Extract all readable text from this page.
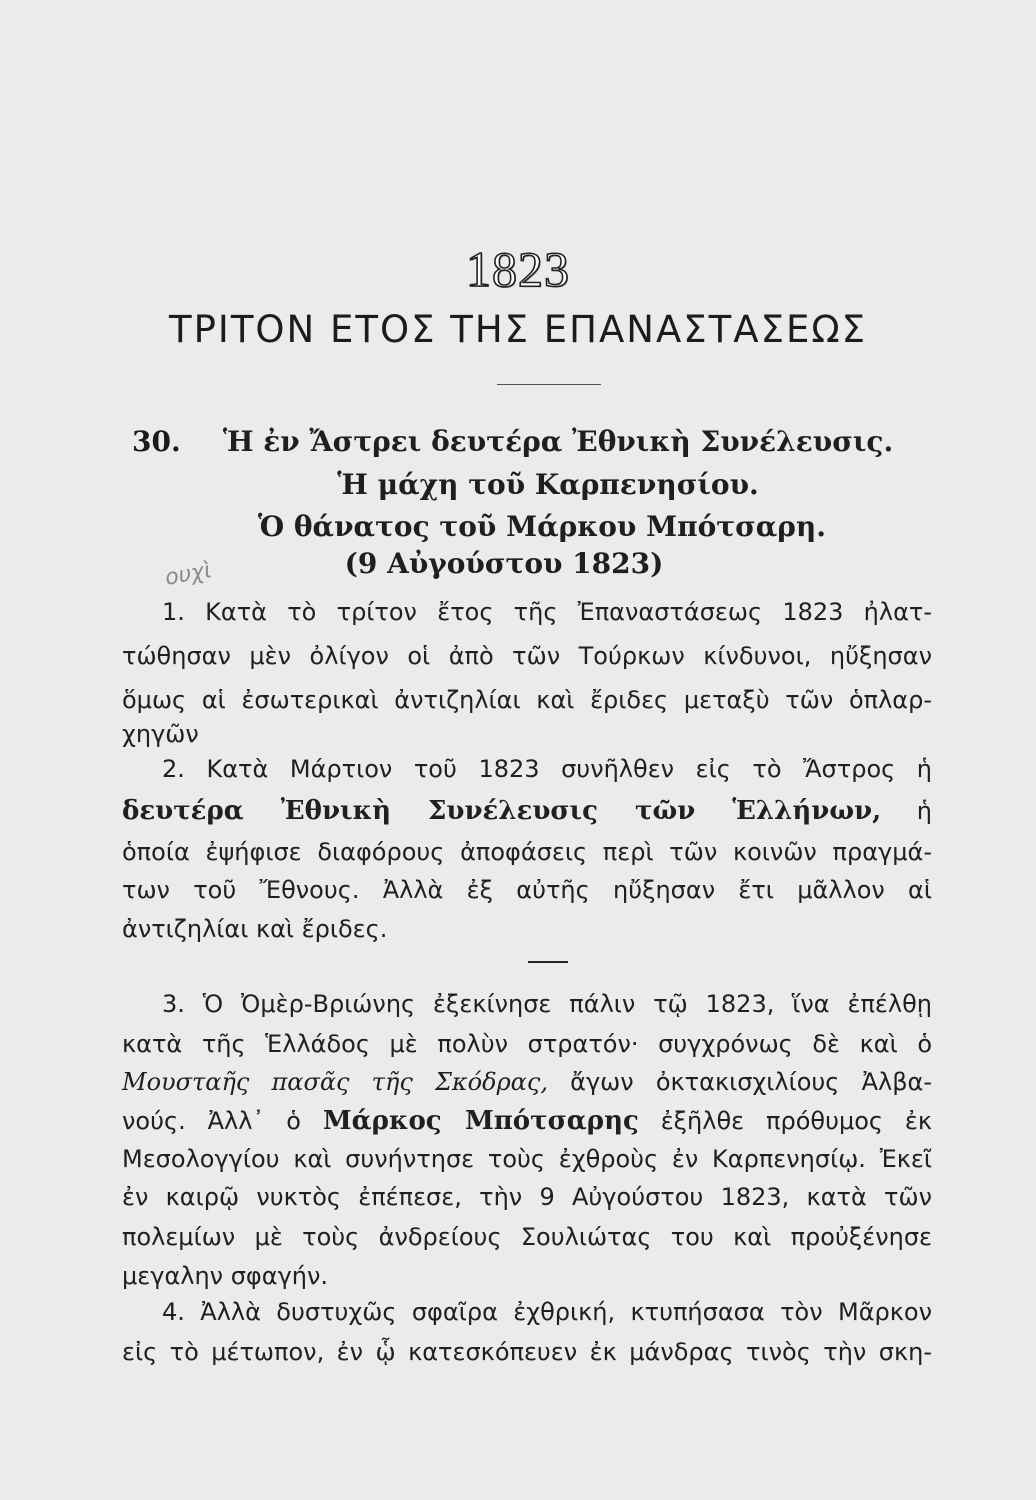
1823
ΤΡΙΤΟΝ ΕΤΟΣ ΤΗΣ ΕΠΑΝΑΣΤΑΣΕΩΣ
30.	Ἡ ἐν Ἄστρει δευτέρα Ἐθνικὴ Συνέλευσις.
Ἡ μάχη τοῦ Καρπενησίου.
Ὁ θάνατος τοῦ Μάρκου Μπότσαρη.
(9 Αὐγούστου 1823)
ουχὶ
1. Κατὰ τὸ τρίτον ἔτος τῆς Ἐπαναστάσεως 1823 ἠλατ-
τώθησαν μὲν ὀλίγον οἱ ἀπὸ τῶν Τούρκων κίνδυνοι, ηὔξησαν
ὅμως αἱ ἐσωτερικαὶ ἀντιζηλίαι καὶ ἔριδες μεταξὺ τῶν ὁπλαρ-
χηγῶν
2. Κατὰ Μάρτιον τοῦ 1823 συνῆλθεν εἰς τὸ Ἄστρος ἡ
δευτέρα Ἐθνικὴ Συνέλευσις τῶν Ἑλλήνων, ἡ
ὁποία ἐψήφισε διαφόρους ἀποφάσεις περὶ τῶν κοινῶν πραγμά-
των τοῦ Ἔθνους. Ἀλλὰ ἐξ αὐτῆς ηὔξησαν ἔτι μᾶλλον αἱ
ἀντιζηλίαι καὶ ἔριδες.
3. Ὁ Ὀμὲρ-Βριώνης ἐξεκίνησε πάλιν τῷ 1823, ἵνα ἐπέλθῃ
κατὰ τῆς Ἑλλάδος μὲ πολὺν στρατόν· συγχρόνως δὲ καὶ ὁ
Μουσταῆς πασᾶς τῆς Σκόδρας, ἄγων ὀκτακισχιλίους Ἀλβα-
νούς. Ἀλλ᾽ ὁ Μάρκος Μπότσαρης ἐξῆλθε πρόθυμος ἐκ
Μεσολογγίου καὶ συνήντησε τοὺς ἐχθροὺς ἐν Καρπενησίῳ. Ἐκεῖ
ἐν καιρῷ νυκτὸς ἐπέπεσε, τὴν 9 Αὐγούστου 1823, κατὰ τῶν
πολεμίων μὲ τοὺς ἀνδρείους Σουλιώτας του καὶ προὐξένησε
μεγαλην σφαγήν.
4. Ἀλλὰ δυστυχῶς σφαῖρα ἐχθρική, κτυπήσασα τὸν Μᾶρκον
εἰς τὸ μέτωπον, ἐν ᾧ κατεσκόπευεν ἐκ μάνδρας τινὸς τὴν σκη-
